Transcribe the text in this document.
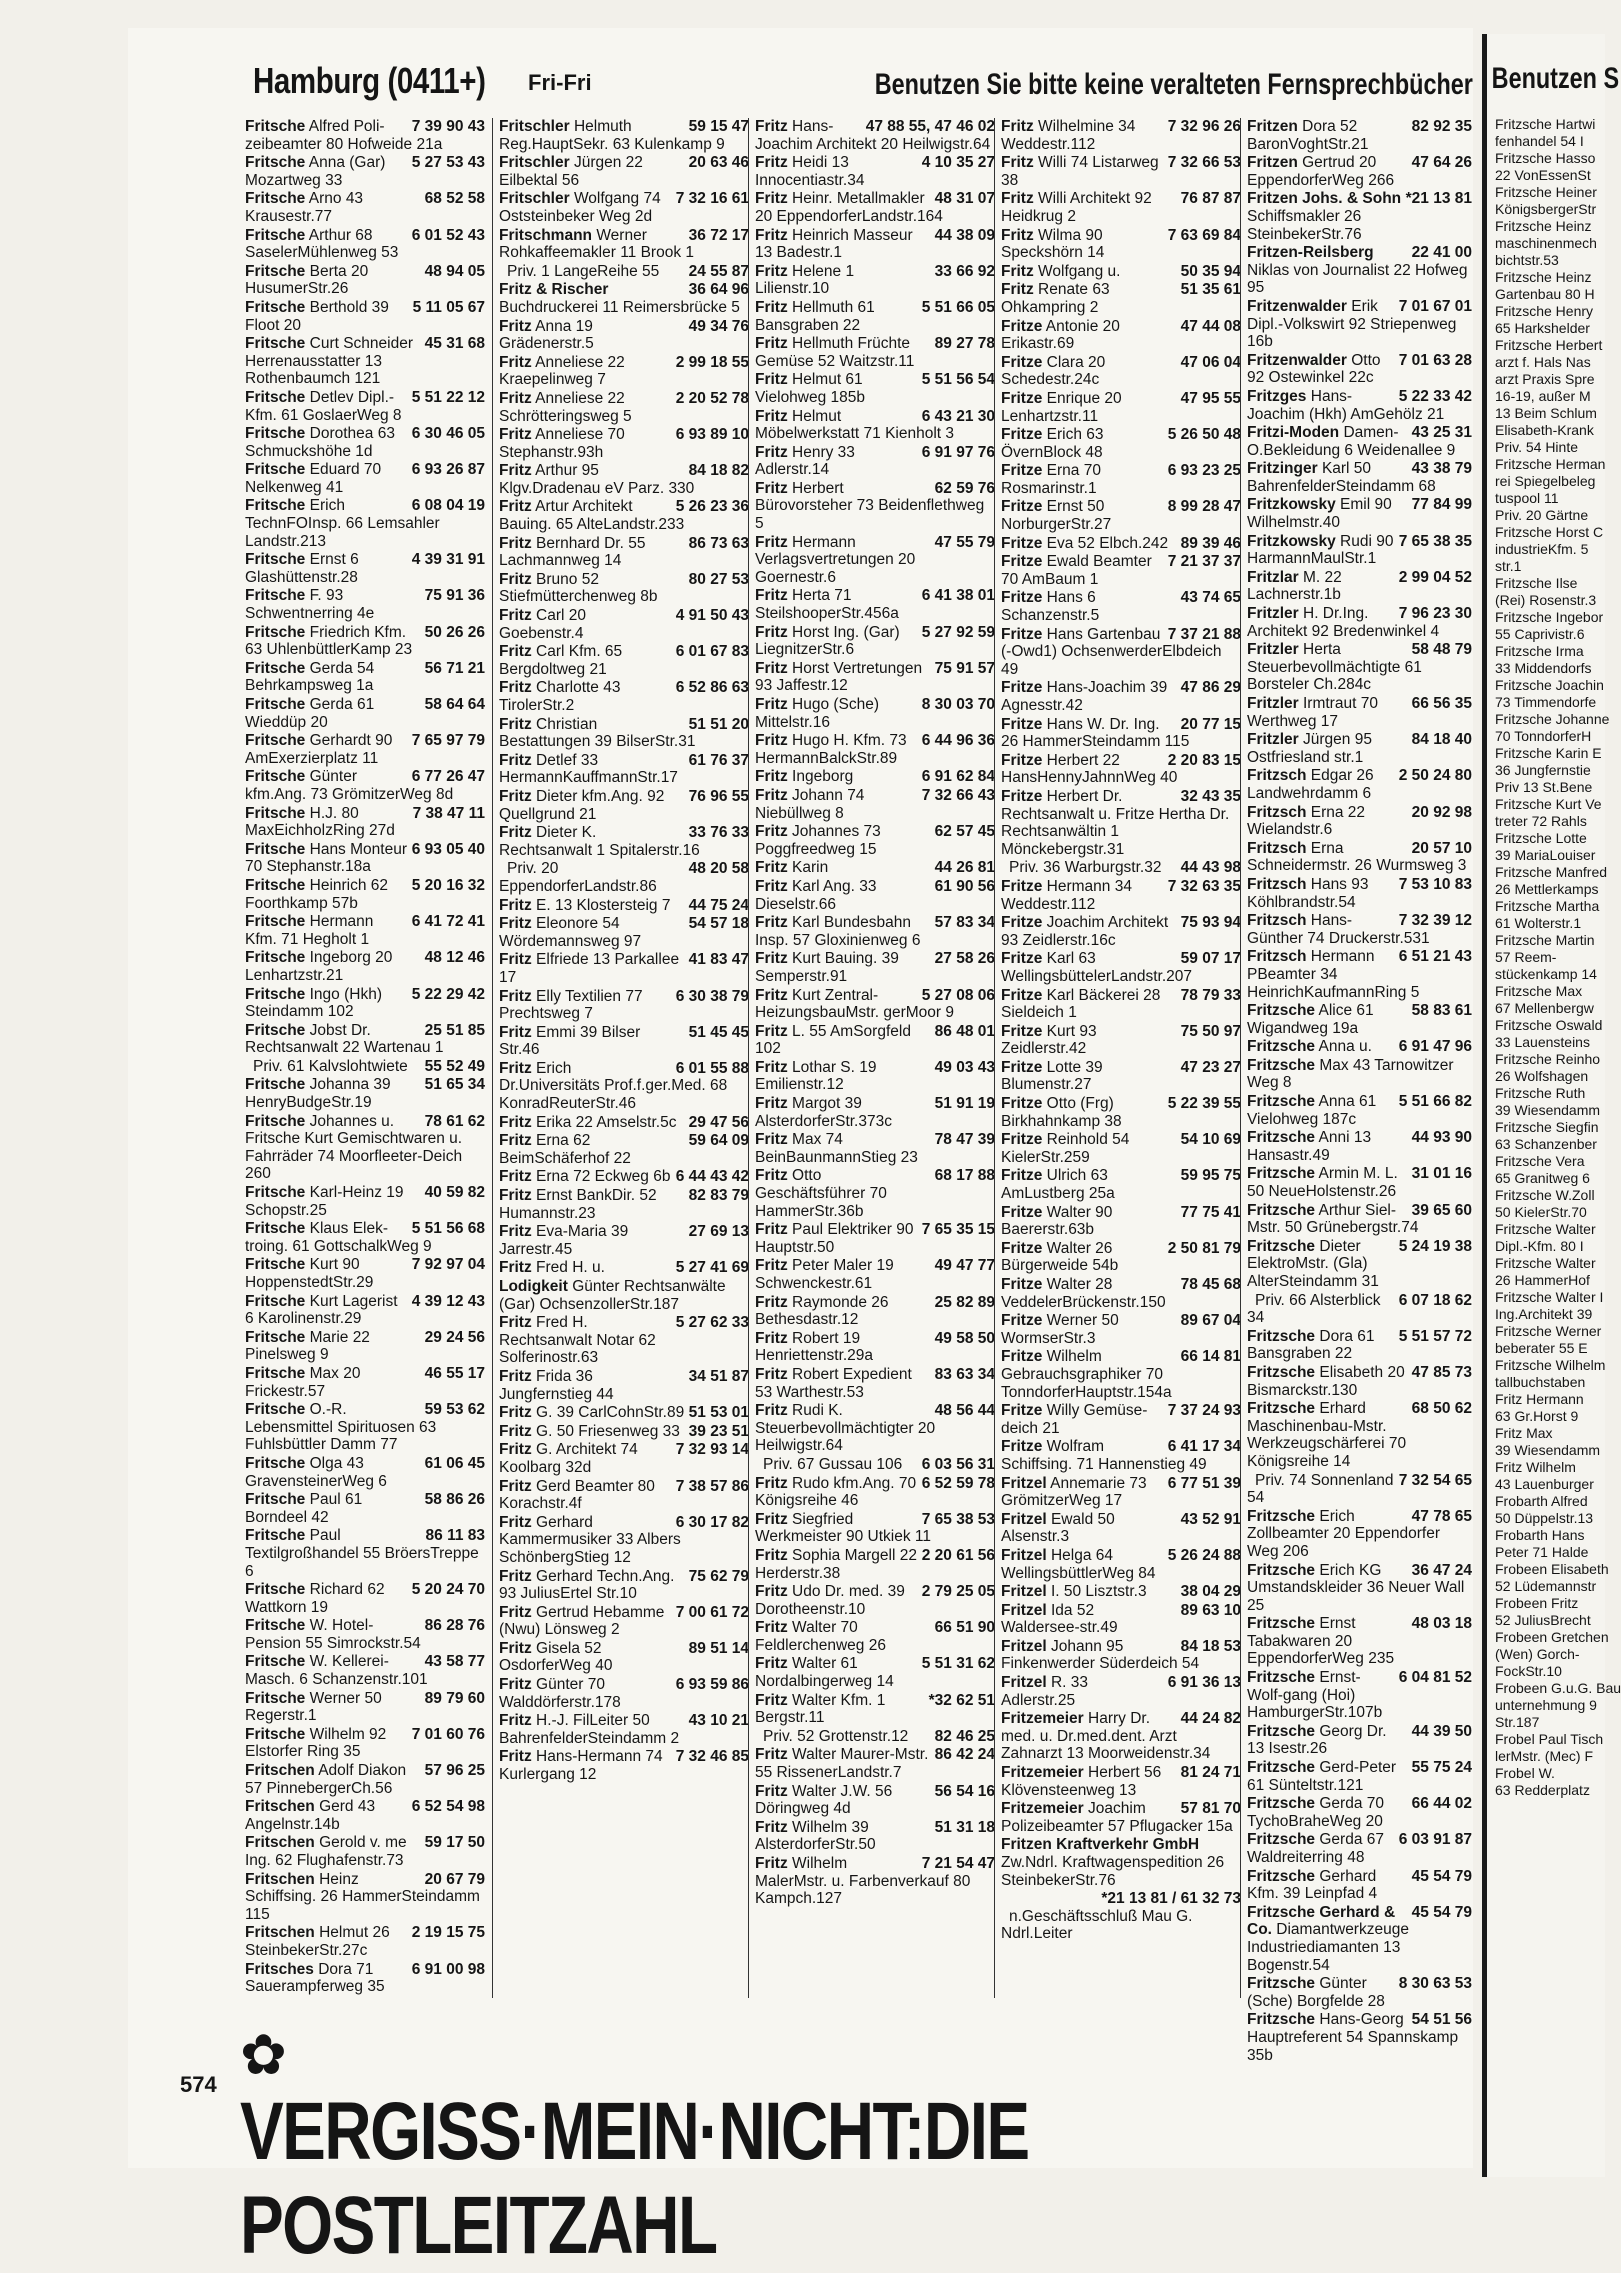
Hamburg (0411+) Fri-Fri	Benutzen Sie bitte keine veralteten Fernsprechbücher
7 39 90 43
Fritsche Alfred Poli-zeibeamter 80 Hofweide 21a
5 27 53 43
Fritsche Anna (Gar) Mozartweg 33
68 52 58
Fritsche Arno 43 Krausestr.77
6 01 52 43
Fritsche Arthur 68 SaselerMühlenweg 53
48 94 05
Fritsche Berta 20 HusumerStr.26
5 11 05 67
Fritsche Berthold 39 Floot 20
45 31 68
Fritsche Curt Schneider Herrenausstatter 13 Rothenbaumch 121
5 51 22 12
Fritsche Detlev Dipl.-Kfm. 61 GoslaerWeg 8
6 30 46 05
Fritsche Dorothea 63 Schmuckshöhe 1d
6 93 26 87
Fritsche Eduard 70 Nelkenweg 41
6 08 04 19
Fritsche Erich TechnFOInsp. 66 Lemsahler Landstr.213
4 39 31 91
Fritsche Ernst 6 Glashüttenstr.28
75 91 36
Fritsche F. 93 Schwentnerring 4e
50 26 26
Fritsche Friedrich Kfm. 63 UhlenbüttlerKamp 23
56 71 21
Fritsche Gerda 54 Behrkampsweg 1a
58 64 64
Fritsche Gerda 61 Wieddüp 20
7 65 97 79
Fritsche Gerhardt 90 AmExerzierplatz 11
6 77 26 47
Fritsche Günter kfm.Ang. 73 GrömitzerWeg 8d
7 38 47 11
Fritsche H.J. 80 MaxEichholzRing 27d
6 93 05 40
Fritsche Hans Monteur 70 Stephanstr.18a
5 20 16 32
Fritsche Heinrich 62 Foorthkamp 57b
6 41 72 41
Fritsche Hermann Kfm. 71 Hegholt 1
48 12 46
Fritsche Ingeborg 20 Lenhartzstr.21
5 22 29 42
Fritsche Ingo (Hkh) Steindamm 102
25 51 85
Fritsche Jobst Dr. Rechtsanwalt 22 Wartenau 1
55 52 49
Priv. 61 Kalvslohtwiete
51 65 34
Fritsche Johanna 39 HenryBudgeStr.19
78 61 62
Fritsche Johannes u. Fritsche Kurt Gemischtwaren u. Fahrräder 74 Moorfleeter-Deich 260
40 59 82
Fritsche Karl-Heinz 19 Schopstr.25
5 51 56 68
Fritsche Klaus Elek-troing. 61 GottschalkWeg 9
7 92 97 04
Fritsche Kurt 90 HoppenstedtStr.29
4 39 12 43
Fritsche Kurt Lagerist 6 Karolinenstr.29
29 24 56
Fritsche Marie 22 Pinelsweg 9
46 55 17
Fritsche Max 20 Frickestr.57
59 53 62
Fritsche O.-R. Lebensmittel Spirituosen 63 Fuhlsbüttler Damm 77
61 06 45
Fritsche Olga 43 GravensteinerWeg 6
58 86 26
Fritsche Paul 61 Borndeel 42
86 11 83
Fritsche Paul Textilgroßhandel 55 BröersTreppe 6
5 20 24 70
Fritsche Richard 62 Wattkorn 19
86 28 76
Fritsche W. Hotel-Pension 55 Simrockstr.54
43 58 77
Fritsche W. Kellerei-Masch. 6 Schanzenstr.101
89 79 60
Fritsche Werner 50 Regerstr.1
7 01 60 76
Fritsche Wilhelm 92 Elstorfer Ring 35
57 96 25
Fritschen Adolf Diakon 57 PinnebergerCh.56
6 52 54 98
Fritschen Gerd 43 Angelnstr.14b
59 17 50
Fritschen Gerold v. me Ing. 62 Flughafenstr.73
20 67 79
Fritschen Heinz Schiffsing. 26 HammerSteindamm 115
2 19 15 75
Fritschen Helmut 26 SteinbekerStr.27c
6 91 00 98
Fritsches Dora 71 Sauerampferweg 35
59 15 47
Fritschler Helmuth Reg.HauptSekr. 63 Kulenkamp 9
20 63 46
Fritschler Jürgen 22 Eilbektal 56
7 32 16 61
Fritschler Wolfgang 74 Oststeinbeker Weg 2d
36 72 17
Fritschmann Werner Rohkaffeemakler 11 Brook 1
24 55 87
Priv. 1 LangeReihe 55
36 64 96
Fritz & Rischer Buchdruckerei 11 Reimersbrücke 5
49 34 76
Fritz Anna 19 Grädenerstr.5
2 99 18 55
Fritz Anneliese 22 Kraepelinweg 7
2 20 52 78
Fritz Anneliese 22 Schrötteringsweg 5
6 93 89 10
Fritz Anneliese 70 Stephanstr.93h
84 18 82
Fritz Arthur 95 Klgv.Dradenau eV Parz. 330
5 26 23 36
Fritz Artur Architekt Bauing. 65 AlteLandstr.233
86 73 63
Fritz Bernhard Dr. 55 Lachmannweg 14
80 27 53
Fritz Bruno 52 Stiefmütterchenweg 8b
4 91 50 43
Fritz Carl 20 Goebenstr.4
6 01 67 83
Fritz Carl Kfm. 65 Bergdoltweg 21
6 52 86 63
Fritz Charlotte 43 TirolerStr.2
51 51 20
Fritz Christian Bestattungen 39 BilserStr.31
61 76 37
Fritz Detlef 33 HermannKauffmannStr.17
76 96 55
Fritz Dieter kfm.Ang. 92 Quellgrund 21
33 76 33
Fritz Dieter K. Rechtsanwalt 1 Spitalerstr.16
48 20 58
Priv. 20 EppendorferLandstr.86
44 75 24
Fritz E. 13 Klostersteig 7
54 57 18
Fritz Eleonore 54 Wördemannsweg 97
41 83 47
Fritz Elfriede 13 Parkallee 17
6 30 38 79
Fritz Elly Textilien 77 Prechtsweg 7
51 45 45
Fritz Emmi 39 Bilser Str.46
6 01 55 88
Fritz Erich Dr.Universitäts Prof.f.ger.Med. 68 KonradReuterStr.46
29 47 56
Fritz Erika 22 Amselstr.5c
59 64 09
Fritz Erna 62 BeimSchäferhof 22
6 44 43 42
Fritz Erna 72 Eckweg 6b
82 83 79
Fritz Ernst BankDir. 52 Humannstr.23
27 69 13
Fritz Eva-Maria 39 Jarrestr.45
5 27 41 69
Fritz Fred H. u.
Lodigkeit Günter Rechtsanwälte (Gar) OchsenzollerStr.187
5 27 62 33
Fritz Fred H. Rechtsanwalt Notar 62 Solferinostr.63
34 51 87
Fritz Frida 36 Jungfernstieg 44
51 53 01
Fritz G. 39 CarlCohnStr.89
39 23 51
Fritz G. 50 Friesenweg 33
7 32 93 14
Fritz G. Architekt 74 Koolbarg 32d
7 38 57 86
Fritz Gerd Beamter 80 Korachstr.4f
6 30 17 82
Fritz Gerhard Kammermusiker 33 Albers SchönbergStieg 12
75 62 79
Fritz Gerhard Techn.Ang. 93 JuliusErtel Str.10
7 00 61 72
Fritz Gertrud Hebamme (Nwu) Lönsweg 2
89 51 14
Fritz Gisela 52 OsdorferWeg 40
6 93 59 86
Fritz Günter 70 Walddörferstr.178
43 10 21
Fritz H.-J. FilLeiter 50 BahrenfelderSteindamm 2
7 32 46 85
Fritz Hans-Hermann 74 Kurlergang 12
47 88 55, 47 46 02
Fritz Hans-Joachim Architekt 20 Heilwigstr.64
4 10 35 27
Fritz Heidi 13 Innocentiastr.34
48 31 07
Fritz Heinr. Metallmakler 20 EppendorferLandstr.164
44 38 09
Fritz Heinrich Masseur 13 Badestr.1
33 66 92
Fritz Helene 1 Lilienstr.10
5 51 66 05
Fritz Hellmuth 61 Bansgraben 22
89 27 78
Fritz Hellmuth Früchte Gemüse 52 Waitzstr.11
5 51 56 54
Fritz Helmut 61 Vielohweg 185b
6 43 21 30
Fritz Helmut Möbelwerkstatt 71 Kienholt 3
6 91 97 76
Fritz Henry 33 Adlerstr.14
62 59 76
Fritz Herbert Bürovorsteher 73 Beidenflethweg 5
47 55 79
Fritz Hermann Verlagsvertretungen 20 Goernestr.6
6 41 38 01
Fritz Herta 71 SteilshooperStr.456a
5 27 92 59
Fritz Horst Ing. (Gar) LiegnitzerStr.6
75 91 57
Fritz Horst Vertretungen 93 Jaffestr.12
8 30 03 70
Fritz Hugo (Sche) Mittelstr.16
6 44 96 36
Fritz Hugo H. Kfm. 73 HermannBalckStr.89
6 91 62 84
Fritz Ingeborg
7 32 66 43
Fritz Johann 74 Niebüllweg 8
62 57 45
Fritz Johannes 73 Poggfreedweg 15
44 26 81
Fritz Karin
61 90 56
Fritz Karl Ang. 33 Dieselstr.66
57 83 34
Fritz Karl Bundesbahn Insp. 57 Gloxinienweg 6
27 58 26
Fritz Kurt Bauing. 39 Semperstr.91
5 27 08 06
Fritz Kurt Zentral-HeizungsbauMstr. gerMoor 9
86 48 01
Fritz L. 55 AmSorgfeld 102
49 03 43
Fritz Lothar S. 19 Emilienstr.12
51 91 19
Fritz Margot 39 AlsterdorferStr.373c
78 47 39
Fritz Max 74 BeinBaunmannStieg 23
68 17 88
Fritz Otto Geschäftsführer 70 HammerStr.36b
7 65 35 15
Fritz Paul Elektriker 90 Hauptstr.50
49 47 77
Fritz Peter Maler 19 Schwenckestr.61
25 82 89
Fritz Raymonde 26 Bethesdastr.12
49 58 50
Fritz Robert 19 Henriettenstr.29a
83 63 34
Fritz Robert Expedient 53 Warthestr.53
48 56 44
Fritz Rudi K. Steuerbevollmächtigter 20 Heilwigstr.64
6 03 56 31
Priv. 67 Gussau 106
6 52 59 78
Fritz Rudo kfm.Ang. 70 Königsreihe 46
7 65 38 53
Fritz Siegfried Werkmeister 90 Utkiek 11
2 20 61 56
Fritz Sophia Margell 22 Herderstr.38
2 79 25 05
Fritz Udo Dr. med. 39 Dorotheenstr.10
66 51 90
Fritz Walter 70 Feldlerchenweg 26
5 51 31 62
Fritz Walter 61 Nordalbingerweg 14
*32 62 51
Fritz Walter Kfm. 1 Bergstr.11
82 46 25
Priv. 52 Grottenstr.12
86 42 24
Fritz Walter Maurer-Mstr. 55 RissenerLandstr.7
56 54 16
Fritz Walter J.W. 56 Döringweg 4d
51 31 18
Fritz Wilhelm 39 AlsterdorferStr.50
7 21 54 47
Fritz Wilhelm MalerMstr. u. Farbenverkauf 80 Kampch.127
7 32 96 26
Fritz Wilhelmine 34 Weddestr.112
7 32 66 53
Fritz Willi 74 Listarweg 38
76 87 87
Fritz Willi Architekt 92 Heidkrug 2
7 63 69 84
Fritz Wilma 90 Speckshörn 14
50 35 94
Fritz Wolfgang u.
51 35 61
Fritz Renate 63 Ohkampring 2
47 44 08
Fritze Antonie 20 Erikastr.69
47 06 04
Fritze Clara 20 Schedestr.24c
47 95 55
Fritze Enrique 20 Lenhartzstr.11
5 26 50 48
Fritze Erich 63 ÖvernBlock 48
6 93 23 25
Fritze Erna 70 Rosmarinstr.1
8 99 28 47
Fritze Ernst 50 NorburgerStr.27
89 39 46
Fritze Eva 52 Elbch.242
7 21 37 37
Fritze Ewald Beamter 70 AmBaum 1
43 74 65
Fritze Hans 6 Schanzenstr.5
7 37 21 88
Fritze Hans Gartenbau (-Owd1) OchsenwerderElbdeich 49
47 86 29
Fritze Hans-Joachim 39 Agnesstr.42
20 77 15
Fritze Hans W. Dr. Ing. 26 HammerSteindamm 115
2 20 83 15
Fritze Herbert 22 HansHennyJahnnWeg 40
32 43 35
Fritze Herbert Dr. Rechtsanwalt u. Fritze Hertha Dr. Rechtsanwältin 1 Mönckebergstr.31
44 43 98
Priv. 36 Warburgstr.32
7 32 63 35
Fritze Hermann 34 Weddestr.112
75 93 94
Fritze Joachim Architekt 93 Zeidlerstr.16c
59 07 17
Fritze Karl 63 WellingsbüttelerLandstr.207
78 79 33
Fritze Karl Bäckerei 28 Sieldeich 1
75 50 97
Fritze Kurt 93 Zeidlerstr.42
47 23 27
Fritze Lotte 39 Blumenstr.27
5 22 39 55
Fritze Otto (Frg) Birkhahnkamp 38
54 10 69
Fritze Reinhold 54 KielerStr.259
59 95 75
Fritze Ulrich 63 AmLustberg 25a
77 75 41
Fritze Walter 90 Baererstr.63b
2 50 81 79
Fritze Walter 26 Bürgerweide 54b
78 45 68
Fritze Walter 28 VeddelerBrückenstr.150
89 67 04
Fritze Werner 50 WormserStr.3
66 14 81
Fritze Wilhelm Gebrauchsgraphiker 70 TonndorferHauptstr.154a
7 37 24 93
Fritze Willy Gemüse-deich 21
6 41 17 34
Fritze Wolfram Schiffsing. 71 Hannenstieg 49
6 77 51 39
Fritzel Annemarie 73 GrömitzerWeg 17
43 52 91
Fritzel Ewald 50 Alsenstr.3
5 26 24 88
Fritzel Helga 64 WellingsbüttlerWeg 84
38 04 29
Fritzel I. 50 Lisztstr.3
89 63 10
Fritzel Ida 52 Waldersee-str.49
84 18 53
Fritzel Johann 95 Finkenwerder Süderdeich 54
6 91 36 13
Fritzel R. 33 Adlerstr.25
44 24 82
Fritzemeier Harry Dr. med. u. Dr.med.dent. Arzt Zahnarzt 13 Moorweidenstr.34
81 24 71
Fritzemeier Herbert 56 Klövensteenweg 13
57 81 70
Fritzemeier Joachim Polizeibeamter 57 Pflugacker 15a
Fritzen Kraftverkehr GmbH Zw.Ndrl. Kraftwagenspedition 26 SteinbekerStr.76
*21 13 81 / 61 32 73
n.Geschäftsschluß Mau G. Ndrl.Leiter
82 92 35
Fritzen Dora 52 BaronVoghtStr.21
47 64 26
Fritzen Gertrud 20 EppendorferWeg 266
*21 13 81
Fritzen Johs. & Sohn Schiffsmakler 26 SteinbekerStr.76
22 41 00
Fritzen-Reilsberg Niklas von Journalist 22 Hofweg 95
7 01 67 01
Fritzenwalder Erik Dipl.-Volkswirt 92 Striepenweg 16b
7 01 63 28
Fritzenwalder Otto 92 Ostewinkel 22c
5 22 33 42
Fritzges Hans-Joachim (Hkh) AmGehölz 21
43 25 31
Fritzi-Moden Damen-O.Bekleidung 6 Weidenallee 9
43 38 79
Fritzinger Karl 50 BahrenfelderSteindamm 68
77 84 99
Fritzkowsky Emil 90 Wilhelmstr.40
7 65 38 35
Fritzkowsky Rudi 90 HarmannMaulStr.1
2 99 04 52
Fritzlar M. 22 Lachnerstr.1b
7 96 23 30
Fritzler H. Dr.Ing. Architekt 92 Bredenwinkel 4
58 48 79
Fritzler Herta Steuerbevollmächtigte 61 Borsteler Ch.284c
66 56 35
Fritzler Irmtraut 70 Werthweg 17
84 18 40
Fritzler Jürgen 95 Ostfriesland str.1
2 50 24 80
Fritzsch Edgar 26 Landwehrdamm 6
20 92 98
Fritzsch Erna 22 Wielandstr.6
20 57 10
Fritzsch Erna Schneidermstr. 26 Wurmsweg 3
7 53 10 83
Fritzsch Hans 93 Köhlbrandstr.54
7 32 39 12
Fritzsch Hans-Günther 74 Druckerstr.531
6 51 21 43
Fritzsch Hermann PBeamter 34 HeinrichKaufmannRing 5
58 83 61
Fritzsche Alice 61 Wigandweg 19a
6 91 47 96
Fritzsche Anna u.
Fritzsche Max 43 Tarnowitzer Weg 8
5 51 66 82
Fritzsche Anna 61 Vielohweg 187c
44 93 90
Fritzsche Anni 13 Hansastr.49
31 01 16
Fritzsche Armin M. L. 50 NeueHolstenstr.26
39 65 60
Fritzsche Arthur Siel-Mstr. 50 Grünebergstr.74
5 24 19 38
Fritzsche Dieter ElektroMstr. (Gla) AlterSteindamm 31
6 07 18 62
Priv. 66 Alsterblick 34
5 51 57 72
Fritzsche Dora 61 Bansgraben 22
47 85 73
Fritzsche Elisabeth 20 Bismarckstr.130
68 50 62
Fritzsche Erhard Maschinenbau-Mstr. Werkzeugschärferei 70 Königsreihe 14
7 32 54 65
Priv. 74 Sonnenland 54
47 78 65
Fritzsche Erich Zollbeamter 20 Eppendorfer Weg 206
36 47 24
Fritzsche Erich KG Umstandskleider 36 Neuer Wall 25
48 03 18
Fritzsche Ernst Tabakwaren 20 EppendorferWeg 235
6 04 81 52
Fritzsche Ernst-Wolf-gang (Hoi) HamburgerStr.107b
44 39 50
Fritzsche Georg Dr. 13 Isestr.26
55 75 24
Fritzsche Gerd-Peter 61 Sünteltstr.121
66 44 02
Fritzsche Gerda 70 TychoBraheWeg 20
6 03 91 87
Fritzsche Gerda 67 Waldreiterring 48
45 54 79
Fritzsche Gerhard Kfm. 39 Leinpfad 4
45 54 79
Fritzsche Gerhard & Co. Diamantwerkzeuge Industriediamanten 13 Bogenstr.54
8 30 63 53
Fritzsche Günter (Sche) Borgfelde 28
54 51 56
Fritzsche Hans-Georg Hauptreferent 54 Spannskamp 35b
Benutzen S
Fritzsche Hartwi
fenhandel 54 I
Fritzsche Hasso
22 VonEssenSt
Fritzsche Heiner
KönigsbergerStr
Fritzsche Heinz
maschinenmech
bichtstr.53
Fritzsche Heinz
Gartenbau 80 H
Fritzsche Henry
65 Harkshelder
Fritzsche Herbert
arzt f. Hals Nas
arzt Praxis Spre
16-19, außer M
13 Beim Schlum
Elisabeth-Krank
Priv. 54 Hinte
Fritzsche Herman
rei Spiegelbeleg
tuspool 11
Priv. 20 Gärtne
Fritzsche Horst C
industrieKfm. 5
str.1
Fritzsche Ilse
(Rei) Rosenstr.3
Fritzsche Ingebor
55 Caprivistr.6
Fritzsche Irma
33 Middendorfs
Fritzsche Joachin
73 Timmendorfe
Fritzsche Johanne
70 TonndorferH
Fritzsche Karin E
36 Jungfernstie
Priv 13 St.Bene
Fritzsche Kurt Ve
treter 72 Rahls
Fritzsche Lotte
39 MariaLouiser
Fritzsche Manfred
26 Mettlerkamps
Fritzsche Martha
61 Wolterstr.1
Fritzsche Martin
57 Reem-
stückenkamp 14
Fritzsche Max
67 Mellenbergw
Fritzsche Oswald
33 Lauensteins
Fritzsche Reinho
26 Wolfshagen
Fritzsche Ruth
39 Wiesendamm
Fritzsche Siegfin
63 Schanzenber
Fritzsche Vera
65 Granitweg 6
Fritzsche W.Zoll
50 KielerStr.70
Fritzsche Walter
Dipl.-Kfm. 80 I
Fritzsche Walter
26 HammerHof
Fritzsche Walter I
Ing.Architekt 39
Fritzsche Werner
beberater 55 E
Fritzsche Wilhelm
tallbuchstaben
Fritz Hermann
63 Gr.Horst 9
Fritz Max
39 Wiesendamm
Fritz Wilhelm
43 Lauenburger
Frobarth Alfred
50 Düppelstr.13
Frobarth Hans
Peter 71 Halde
Frobeen Elisabeth
52 Lüdemannstr
Frobeen Fritz
52 JuliusBrecht
Frobeen Gretchen
(Wen) Gorch-
FockStr.10
Frobeen G.u.G. Bau
unternehmung 9
Str.187
Frobel Paul Tisch
lerMstr. (Mec) F
Frobel W.
63 Redderplatz
574 ✿ VERGISS·MEIN·NICHT:DIE POSTLEITZAHL
